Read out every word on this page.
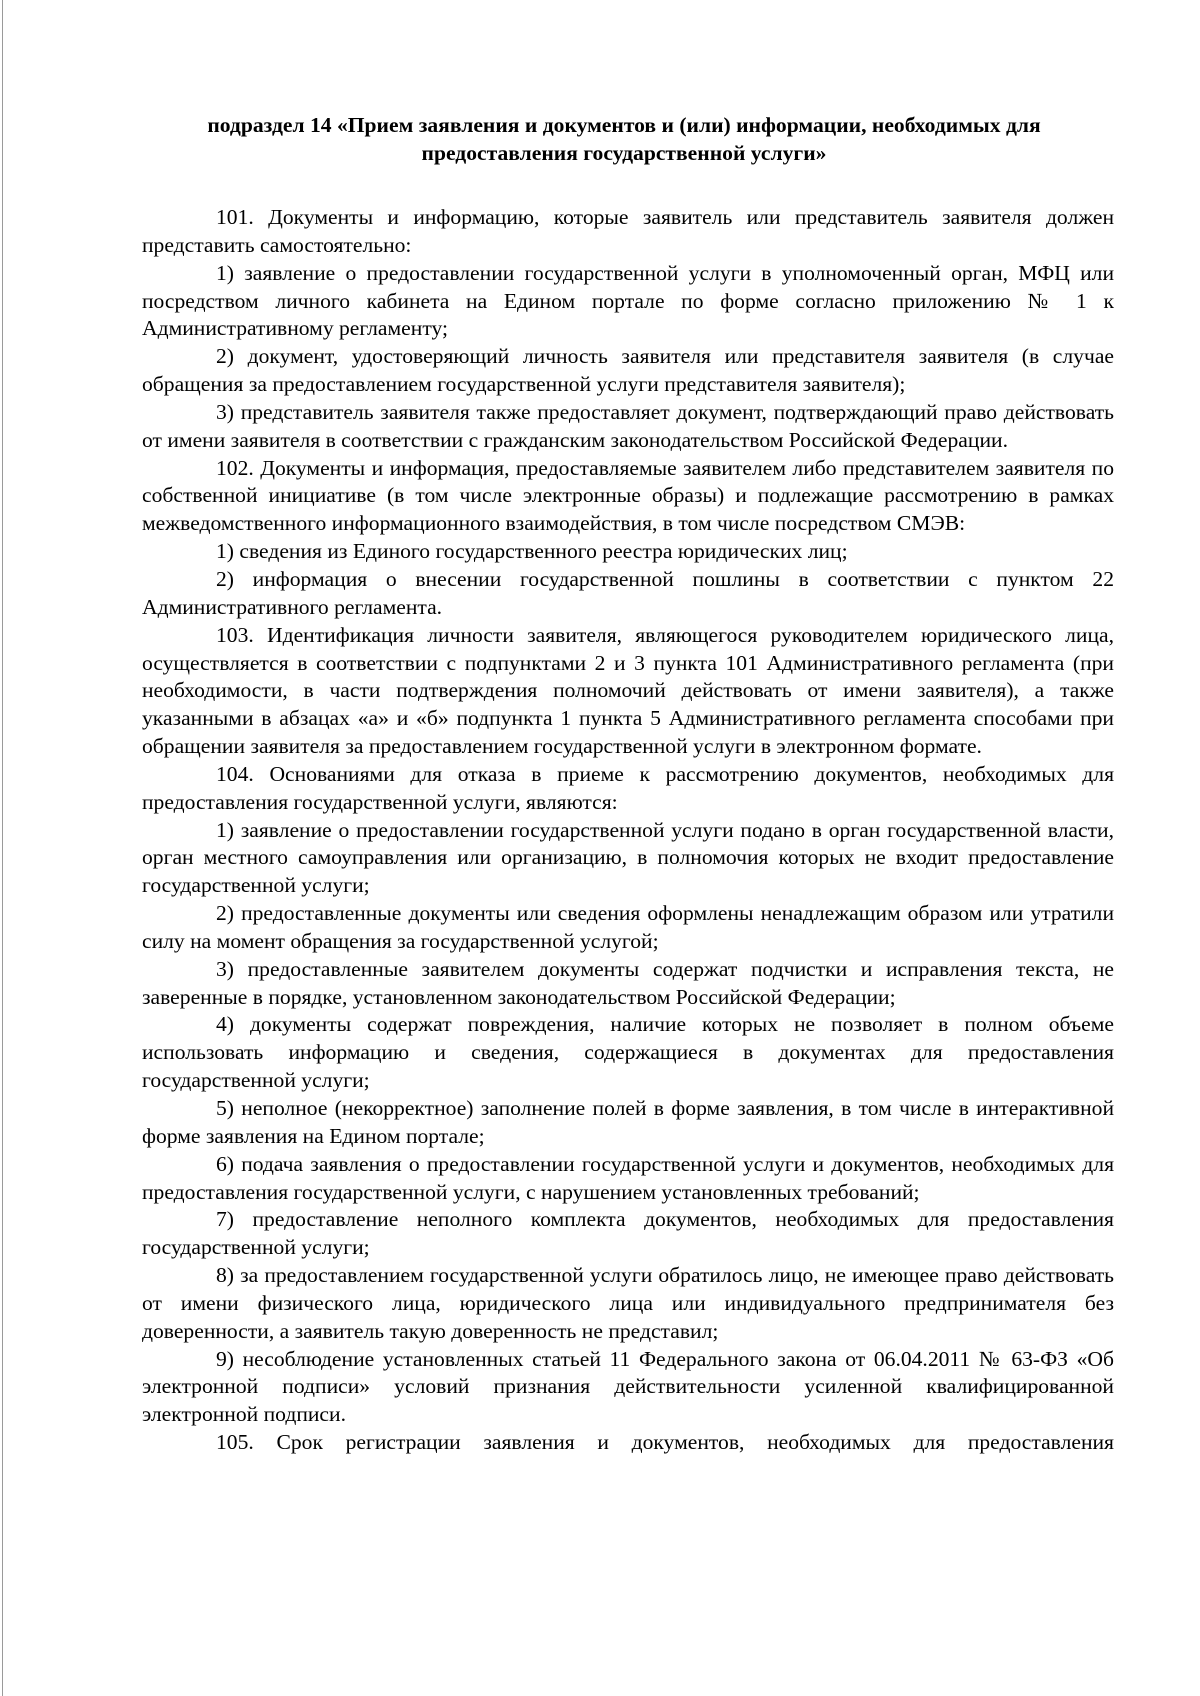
подраздел 14 «Прием заявления и документов и (или) информации, необходимых для предоставления государственной услуги»

101. Документы и информацию, которые заявитель или представитель заявителя должен представить самостоятельно:

1) заявление о предоставлении государственной услуги в уполномоченный орган, МФЦ или посредством личного кабинета на Едином портале по форме согласно приложению № 1 к Административному регламенту;

2) документ, удостоверяющий личность заявителя или представителя заявителя (в случае обращения за предоставлением государственной услуги представителя заявителя);

3) представитель заявителя также предоставляет документ, подтверждающий право действовать от имени заявителя в соответствии с гражданским законодательством Российской Федерации.

102. Документы и информация, предоставляемые заявителем либо представителем заявителя по собственной инициативе (в том числе электронные образы) и подлежащие рассмотрению в рамках межведомственного информационного взаимодействия, в том числе посредством СМЭВ:

1) сведения из Единого государственного реестра юридических лиц;

2) информация о внесении государственной пошлины в соответствии с пунктом 22 Административного регламента.

103. Идентификация личности заявителя, являющегося руководителем юридического лица, осуществляется в соответствии с подпунктами 2 и 3 пункта 101 Административного регламента (при необходимости, в части подтверждения полномочий действовать от имени заявителя), а также указанными в абзацах «а» и «б» подпункта 1 пункта 5 Административного регламента способами при обращении заявителя за предоставлением государственной услуги в электронном формате.

104. Основаниями для отказа в приеме к рассмотрению документов, необходимых для предоставления государственной услуги, являются:

1) заявление о предоставлении государственной услуги подано в орган государственной власти, орган местного самоуправления или организацию, в полномочия которых не входит предоставление государственной услуги;

2) предоставленные документы или сведения оформлены ненадлежащим образом или утратили силу на момент обращения за государственной услугой;

3) предоставленные заявителем документы содержат подчистки и исправления текста, не заверенные в порядке, установленном законодательством Российской Федерации;

4) документы содержат повреждения, наличие которых не позволяет в полном объеме использовать информацию и сведения, содержащиеся в документах для предоставления государственной услуги;

5) неполное (некорректное) заполнение полей в форме заявления, в том числе в интерактивной форме заявления на Едином портале;

6) подача заявления о предоставлении государственной услуги и документов, необходимых для предоставления государственной услуги, с нарушением установленных требований;

7) предоставление неполного комплекта документов, необходимых для предоставления государственной услуги;

8) за предоставлением государственной услуги обратилось лицо, не имеющее право действовать от имени физического лица, юридического лица или индивидуального предпринимателя без доверенности, а заявитель такую доверенность не представил;

9) несоблюдение установленных статьей 11 Федерального закона от 06.04.2011 № 63-ФЗ «Об электронной подписи» условий признания действительности усиленной квалифицированной электронной подписи.

105. Срок регистрации заявления и документов, необходимых для предоставления
